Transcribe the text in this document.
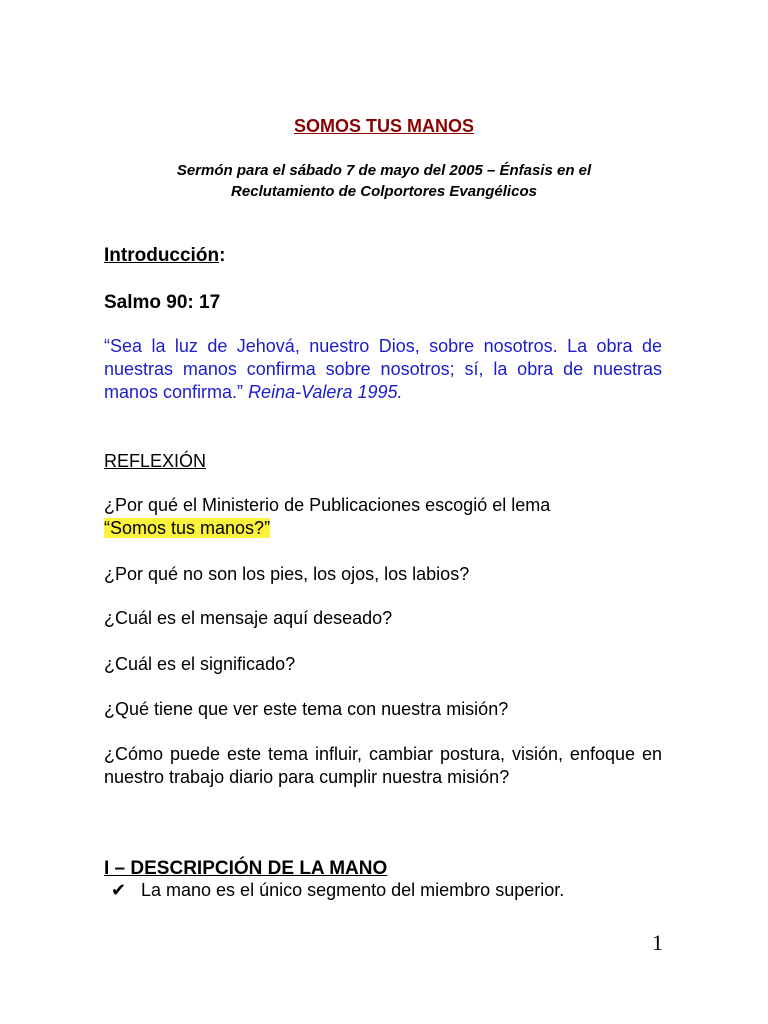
SOMOS TUS MANOS
Sermón para el sábado 7 de mayo del 2005 – Énfasis en el
Reclutamiento de Colportores Evangélicos
Introducción:
Salmo 90: 17
“Sea la luz de Jehová, nuestro Dios, sobre nosotros. La obra de nuestras manos confirma sobre nosotros; sí, la obra de nuestras manos confirma.” Reina-Valera 1995.
REFLEXIÓN
¿Por qué el Ministerio de Publicaciones escogió el lema
“Somos tus manos?”
¿Por qué no son los pies, los ojos, los labios?
¿Cuál es el mensaje aquí deseado?
¿Cuál es el significado?
¿Qué tiene que ver este tema con nuestra misión?
¿Cómo puede este tema influir, cambiar postura, visión, enfoque en nuestro trabajo diario para cumplir nuestra misión?
I – DESCRIPCIÓN DE LA MANO
✔ La mano es el único segmento del miembro superior.
1
